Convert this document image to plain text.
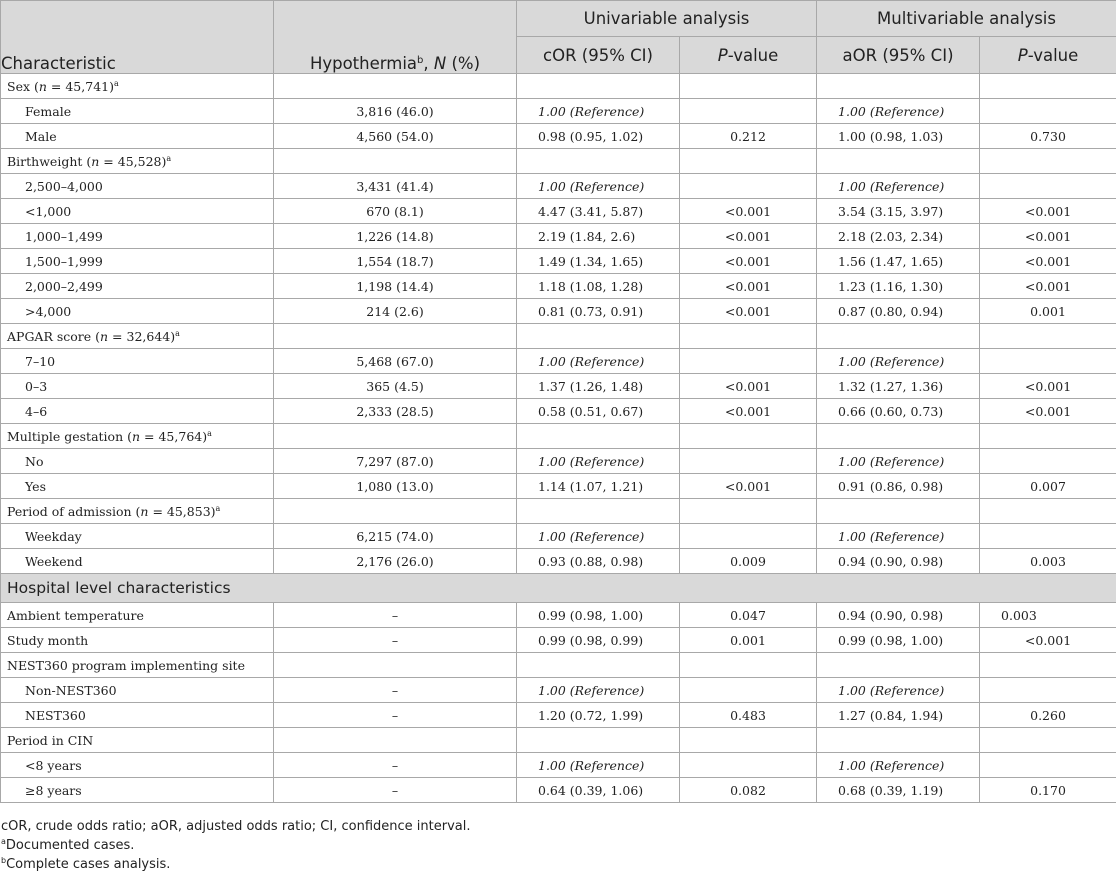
Characteristic	Hypothermia$^b$, N (%)	Univariable analysis		Multivariable analysis	
		cOR (95% CI)	P-value	aOR (95% CI)	P-value
Sex (n = 45,741)$^a$					
Female	3,816 (46.0)	1.00 (Reference)		1.00 (Reference)	
Male	4,560 (54.0)	0.98 (0.95, 1.02)	0.212	1.00 (0.98, 1.03)	0.730
Birthweight (n = 45,528)$^a$					
2,500–4,000	3,431 (41.4)	1.00 (Reference)		1.00 (Reference)	
<1,000	670 (8.1)	4.47 (3.41, 5.87)	<0.001	3.54 (3.15, 3.97)	<0.001
1,000–1,499	1,226 (14.8)	2.19 (1.84, 2.6)	<0.001	2.18 (2.03, 2.34)	<0.001
1,500–1,999	1,554 (18.7)	1.49 (1.34, 1.65)	<0.001	1.56 (1.47, 1.65)	<0.001
2,000–2,499	1,198 (14.4)	1.18 (1.08, 1.28)	<0.001	1.23 (1.16, 1.30)	<0.001
>4,000	214 (2.6)	0.81 (0.73, 0.91)	<0.001	0.87 (0.80, 0.94)	0.001
APGAR score (n = 32,644)$^a$					
7–10	5,468 (67.0)	1.00 (Reference)		1.00 (Reference)	
0–3	365 (4.5)	1.37 (1.26, 1.48)	<0.001	1.32 (1.27, 1.36)	<0.001
4–6	2,333 (28.5)	0.58 (0.51, 0.67)	<0.001	0.66 (0.60, 0.73)	<0.001
Multiple gestation (n = 45,764)$^a$					
No	7,297 (87.0)	1.00 (Reference)		1.00 (Reference)	
Yes	1,080 (13.0)	1.14 (1.07, 1.21)	<0.001	0.91 (0.86, 0.98)	0.007
Period of admission (n = 45,853)$^a$					
Weekday	6,215 (74.0)	1.00 (Reference)		1.00 (Reference)	
Weekend	2,176 (26.0)	0.93 (0.88, 0.98)	0.009	0.94 (0.90, 0.98)	0.003
Hospital level characteristics					
Ambient temperature	–	0.99 (0.98, 1.00)	0.047	0.94 (0.90, 0.98)	0.003
Study month	–	0.99 (0.98, 0.99)	0.001	0.99 (0.98, 1.00)	<0.001
NEST360 program implementing site					
Non-NEST360	–	1.00 (Reference)		1.00 (Reference)	
NEST360	–	1.20 (0.72, 1.99)	0.483	1.27 (0.84, 1.94)	0.260
Period in CIN					
<8 years	–	1.00 (Reference)		1.00 (Reference)	
≥8 years	–	0.64 (0.39, 1.06)	0.082	0.68 (0.39, 1.19)	0.170
cOR, crude odds ratio; aOR, adjusted odds ratio; CI, confidence interval.
$^a$Documented cases.
$^b$Complete cases analysis.
